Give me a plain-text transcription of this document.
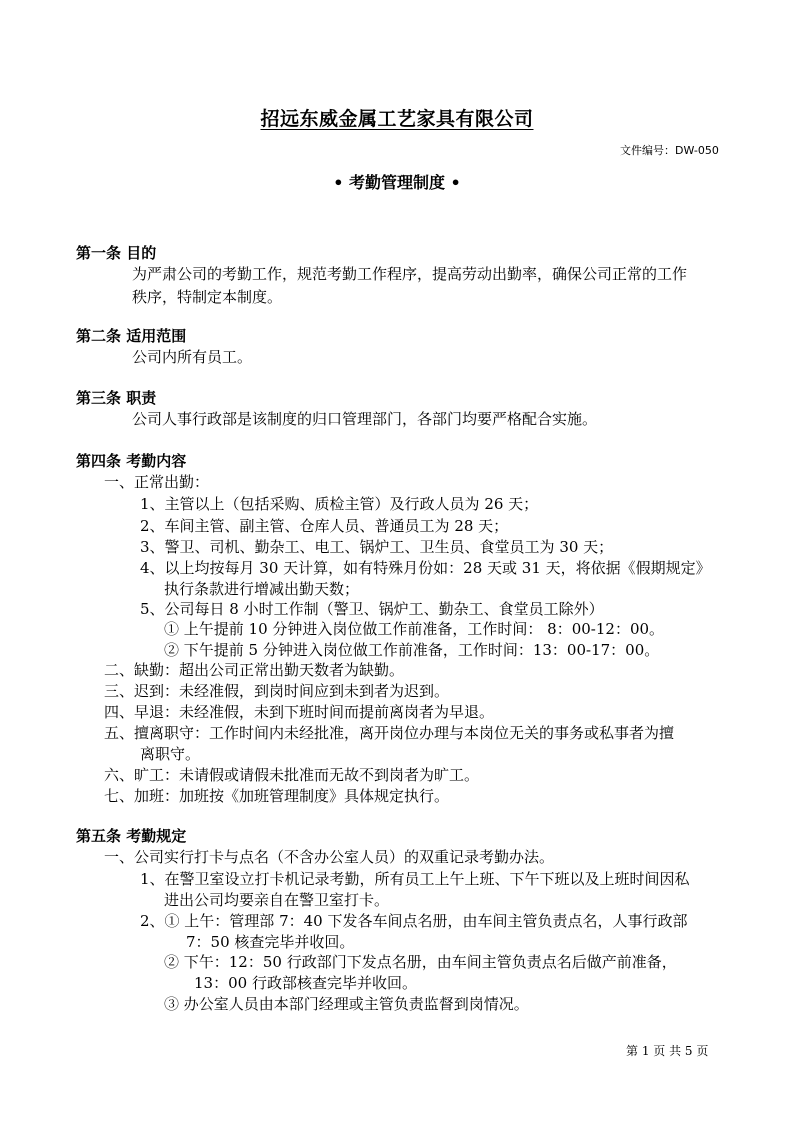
招远东威金属工艺家具有限公司
文件编号：DW-050
• 考勤管理制度 •
第一条 目的
为严肃公司的考勤工作，规范考勤工作程序，提高劳动出勤率，确保公司正常的工作
秩序，特制定本制度。
第二条 适用范围
公司内所有员工。
第三条 职责
公司人事行政部是该制度的归口管理部门，各部门均要严格配合实施。
第四条 考勤内容
一、正常出勤：
1、主管以上（包括采购、质检主管）及行政人员为 26 天；
2、车间主管、副主管、仓库人员、普通员工为 28 天；
3、警卫、司机、勤杂工、电工、锅炉工、卫生员、食堂员工为 30 天；
4、以上均按每月 30 天计算，如有特殊月份如：28 天或 31 天，将依据《假期规定》
执行条款进行增减出勤天数；
5、公司每日 8 小时工作制（警卫、锅炉工、勤杂工、食堂员工除外）
① 上午提前 10 分钟进入岗位做工作前准备，工作时间： 8：00-12：00。
② 下午提前 5 分钟进入岗位做工作前准备，工作时间：13：00-17：00。
二、缺勤：超出公司正常出勤天数者为缺勤。
三、迟到：未经准假，到岗时间应到未到者为迟到。
四、早退：未经准假，未到下班时间而提前离岗者为早退。
五、擅离职守：工作时间内未经批准，离开岗位办理与本岗位无关的事务或私事者为擅
离职守。
六、旷工：未请假或请假未批准而无故不到岗者为旷工。
七、加班：加班按《加班管理制度》具体规定执行。
第五条 考勤规定
一、公司实行打卡与点名（不含办公室人员）的双重记录考勤办法。
1、在警卫室设立打卡机记录考勤，所有员工上午上班、下午下班以及上班时间因私
进出公司均要亲自在警卫室打卡。
2、① 上午：管理部 7：40 下发各车间点名册，由车间主管负责点名，人事行政部
7：50 核查完毕并收回。
② 下午：12：50 行政部门下发点名册，由车间主管负责点名后做产前准备，
13：00 行政部核查完毕并收回。
③ 办公室人员由本部门经理或主管负责监督到岗情况。
第 1 页 共 5 页
